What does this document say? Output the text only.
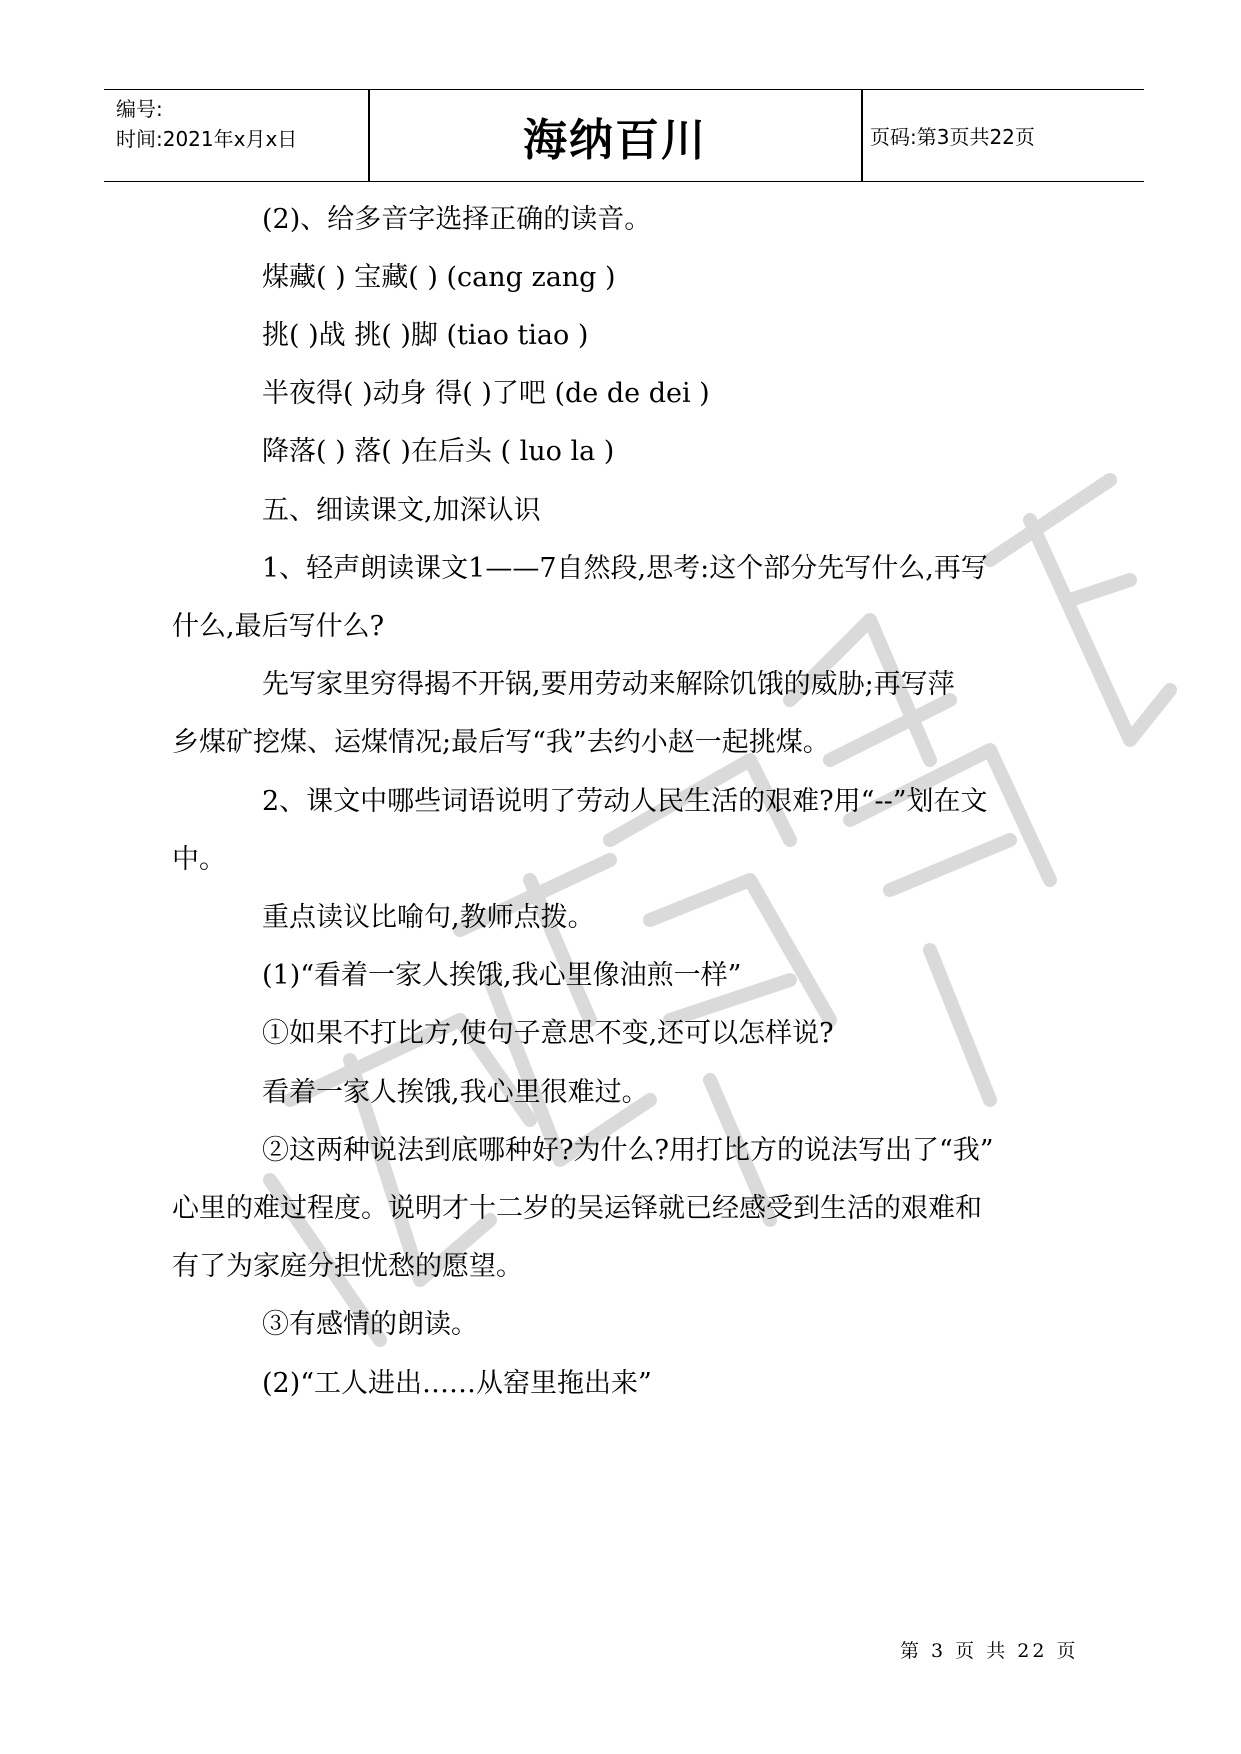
编号:
时间:2021年x月x日	海纳百川	页码:第3页共22页
(2)、给多音字选择正确的读音。
煤藏( ) 宝藏( ) (cang zang )
挑( )战 挑( )脚 (tiao tiao )
半夜得( )动身 得( )了吧 (de de dei )
降落( ) 落( )在后头 ( luo la )
五、细读课文,加深认识
1、轻声朗读课文1——7自然段,思考:这个部分先写什么,再写
什么,最后写什么?
先写家里穷得揭不开锅,要用劳动来解除饥饿的威胁;再写萍
乡煤矿挖煤、运煤情况;最后写“我”去约小赵一起挑煤。
2、课文中哪些词语说明了劳动人民生活的艰难?用“--”划在文
中。
重点读议比喻句,教师点拨。
(1)“看着一家人挨饿,我心里像油煎一样”
①如果不打比方,使句子意思不变,还可以怎样说?
看着一家人挨饿,我心里很难过。
②这两种说法到底哪种好?为什么?用打比方的说法写出了“我”
心里的难过程度。说明才十二岁的吴运铎就已经感受到生活的艰难和
有了为家庭分担忧愁的愿望。
③有感情的朗读。
(2)“工人进出……从窑里拖出来”
第 3 页 共 22 页
